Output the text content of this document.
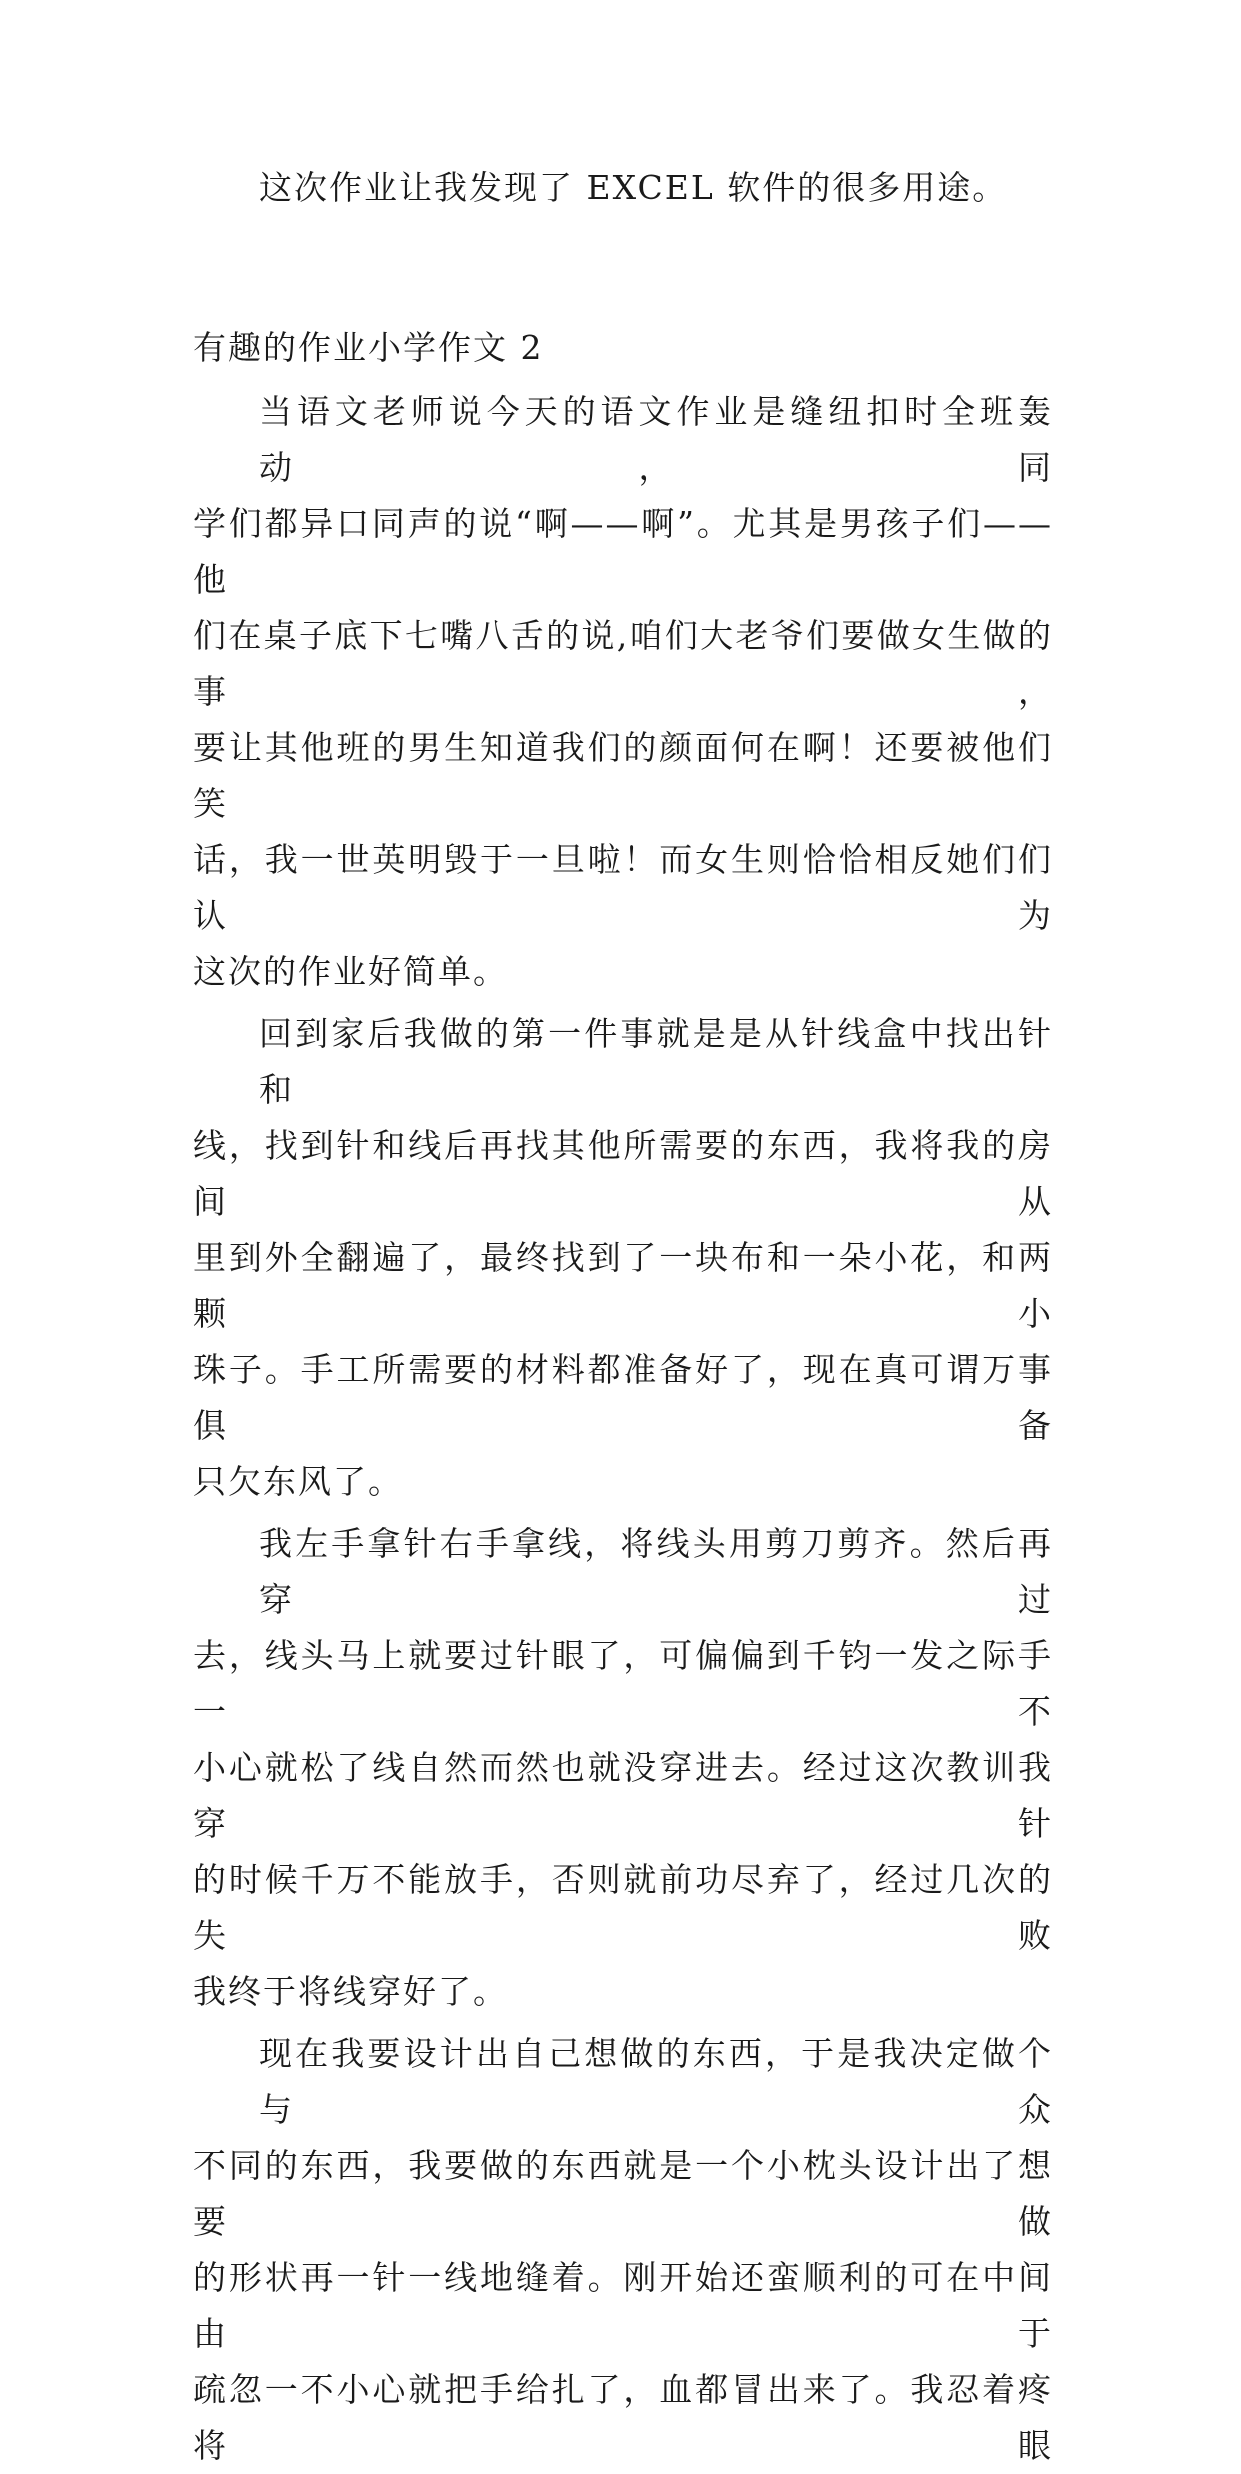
这次作业让我发现了 EXCEL 软件的很多用途。
有趣的作业小学作文 2
当语文老师说今天的语文作业是缝纽扣时全班轰动，同
学们都异口同声的说“啊——啊”。尤其是男孩子们——他
们在桌子底下七嘴八舌的说,咱们大老爷们要做女生做的事，
要让其他班的男生知道我们的颜面何在啊！还要被他们笑
话，我一世英明毁于一旦啦！而女生则恰恰相反她们们认为
这次的作业好简单。
回到家后我做的第一件事就是是从针线盒中找出针和
线，找到针和线后再找其他所需要的东西，我将我的房间从
里到外全翻遍了，最终找到了一块布和一朵小花，和两颗小
珠子。手工所需要的材料都准备好了，现在真可谓万事俱备
只欠东风了。
我左手拿针右手拿线，将线头用剪刀剪齐。然后再穿过
去，线头马上就要过针眼了，可偏偏到千钧一发之际手一不
小心就松了线自然而然也就没穿进去。经过这次教训我穿针
的时候千万不能放手，否则就前功尽弃了，经过几次的失败
我终于将线穿好了。
现在我要设计出自己想做的东西，于是我决定做个与众
不同的东西，我要做的东西就是一个小枕头设计出了想要做
的形状再一针一线地缝着。刚开始还蛮顺利的可在中间由于
疏忽一不小心就把手给扎了，血都冒出来了。我忍着疼将眼
